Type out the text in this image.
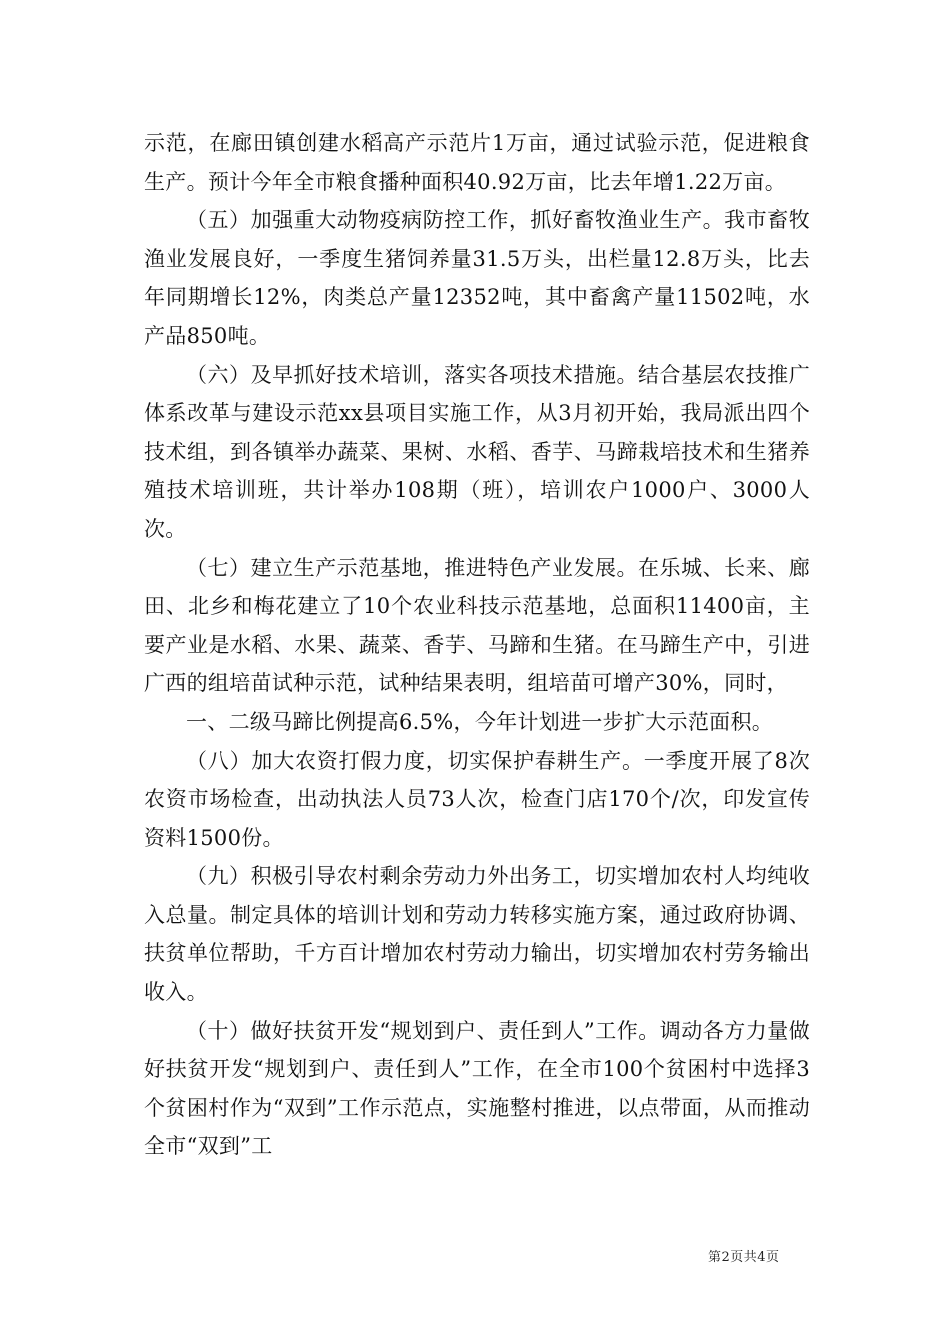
示范，在廊田镇创建水稻高产示范片1万亩，通过试验示范，促进粮食生产。预计今年全市粮食播种面积40.92万亩，比去年增1.22万亩。

（五）加强重大动物疫病防控工作，抓好畜牧渔业生产。我市畜牧渔业发展良好，一季度生猪饲养量31.5万头，出栏量12.8万头，比去年同期增长12%，肉类总产量12352吨，其中畜禽产量11502吨，水产品850吨。

（六）及早抓好技术培训，落实各项技术措施。结合基层农技推广体系改革与建设示范xx县项目实施工作，从3月初开始，我局派出四个技术组，到各镇举办蔬菜、果树、水稻、香芋、马蹄栽培技术和生猪养殖技术培训班，共计举办108期（班），培训农户1000户、3000人次。

（七）建立生产示范基地，推进特色产业发展。在乐城、长来、廊田、北乡和梅花建立了10个农业科技示范基地，总面积11400亩，主要产业是水稻、水果、蔬菜、香芋、马蹄和生猪。在马蹄生产中，引进广西的组培苗试种示范，试种结果表明，组培苗可增产30%，同时，

一、二级马蹄比例提高6.5%，今年计划进一步扩大示范面积。

（八）加大农资打假力度，切实保护春耕生产。一季度开展了8次农资市场检查，出动执法人员73人次，检查门店170个/次，印发宣传资料1500份。

（九）积极引导农村剩余劳动力外出务工，切实增加农村人均纯收入总量。制定具体的培训计划和劳动力转移实施方案，通过政府协调、扶贫单位帮助，千方百计增加农村劳动力输出，切实增加农村劳务输出收入。

（十）做好扶贫开发“规划到户、责任到人”工作。调动各方力量做好扶贫开发“规划到户、责任到人”工作，在全市100个贫困村中选择3个贫困村作为“双到”工作示范点，实施整村推进，以点带面，从而推动全市“双到”工

第2页共4页
